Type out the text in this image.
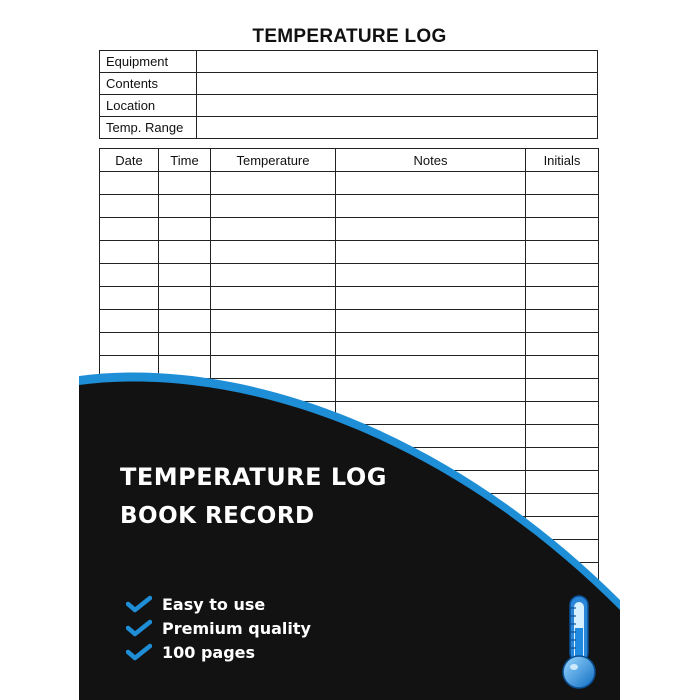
TEMPERATURE LOG
Equipment	
Contents	
Location	
Temp. Range	
Date	Time	Temperature	Notes	Initials

TEMPERATURE LOG
BOOK RECORD
Easy to use
Premium quality
100 pages
